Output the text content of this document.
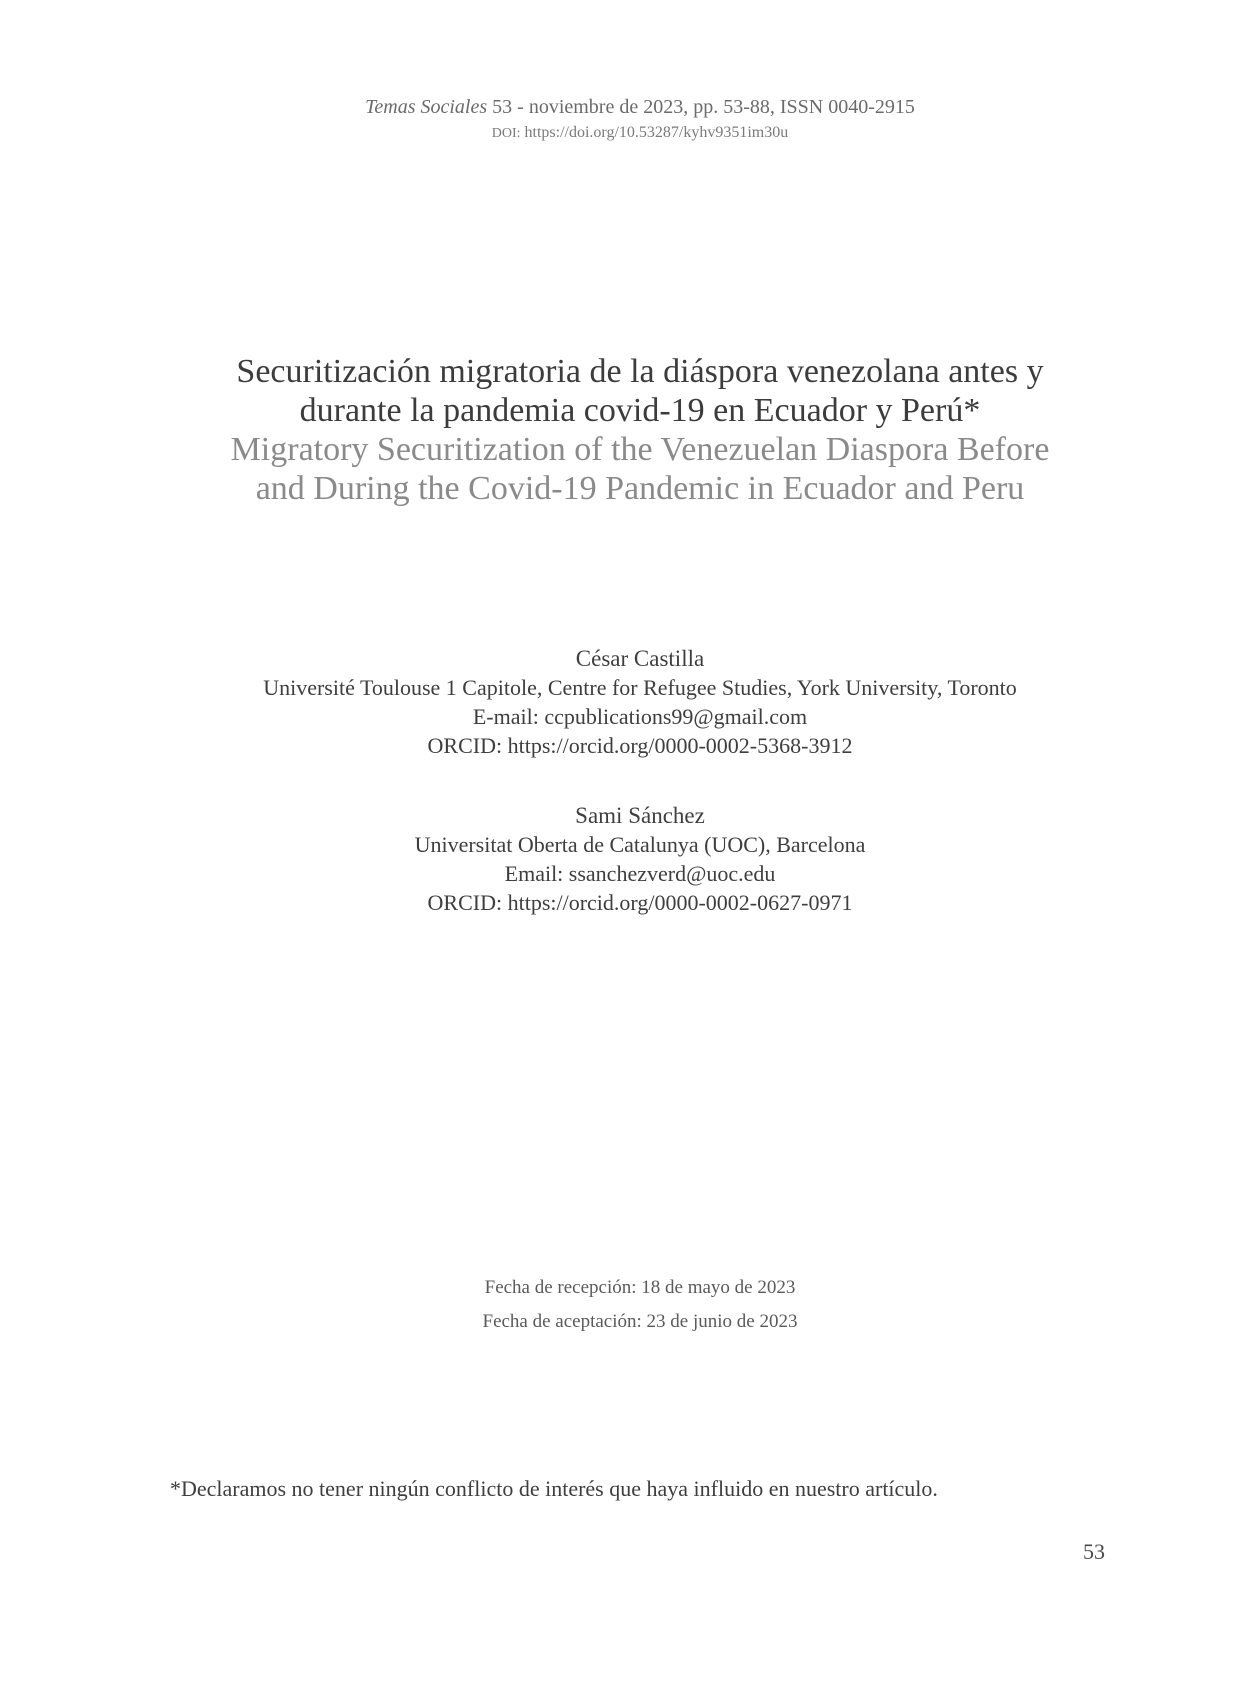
Temas Sociales 53 - noviembre de 2023, pp. 53-88, ISSN 0040-2915
DOI: https://doi.org/10.53287/kyhv9351im30u
Securitización migratoria de la diáspora venezolana antes y
durante la pandemia covid-19 en Ecuador y Perú*
Migratory Securitization of the Venezuelan Diaspora Before
and During the Covid-19 Pandemic in Ecuador and Peru
César Castilla
Université Toulouse 1 Capitole, Centre for Refugee Studies, York University, Toronto
E-mail: ccpublications99@gmail.com
ORCID: https://orcid.org/0000-0002-5368-3912
Sami Sánchez
Universitat Oberta de Catalunya (UOC), Barcelona
Email: ssanchezverd@uoc.edu
ORCID: https://orcid.org/0000-0002-0627-0971
Fecha de recepción: 18 de mayo de 2023
Fecha de aceptación: 23 de junio de 2023
*Declaramos no tener ningún conflicto de interés que haya influido en nuestro artículo.
53
